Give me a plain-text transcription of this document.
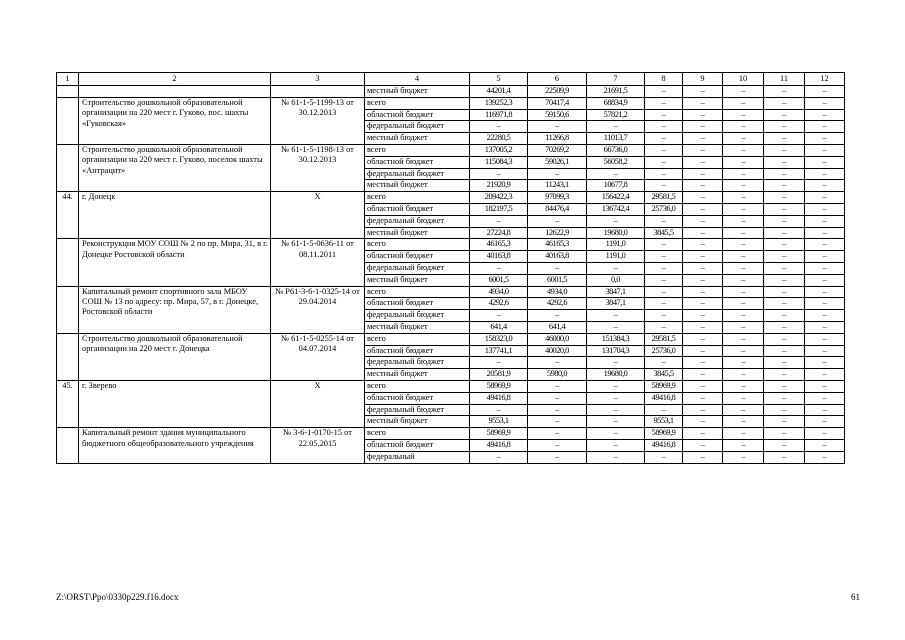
1	2	3	4	5	6	7	8	9	10	11	12
			местный бюджет	44201,4	22509,9	21691,5	–	–	–	–	–
	Строительство дошкольной образовательной организации на 220 мест г. Гуково, пос. шахты «Гуковская»	№ 61-1-5-1199-13 от 30.12.2013	всего	139252,3	70417,4	68834,9	–	–	–	–	–
			областной бюджет	116971,8	59150,6	57821,2	–	–	–	–	–
			федеральный бюджет	–	–	–	–	–	–	–	–
			местный бюджет	22280,5	11266,8	11013,7	–	–	–	–	–
	Строительство дошкольной образовательной организации на 220 мест г. Гуково, поселок шахты «Антрацит»	№ 61-1-5-1198-13 от 30.12.2013	всего	137005,2	70269,2	66736,0	–	–	–	–	–
			областной бюджет	115084,3	59026,1	56058,2	–	–	–	–	–
			федеральный бюджет	–	–	–	–	–	–	–	–
			местный бюджет	21920,9	11243,1	10677,8	–	–	–	–	–
44.	г. Донецк	Х	всего	209422,3	97099,3	156422,4	29581,5	–	–	–	–
			областной бюджет	182197,5	84476,4	136742,4	25736,0	–	–	–	–
			федеральный бюджет	–	–	–	–	–	–	–	–
			местный бюджет	27224,8	12622,9	19680,0	3845,5	–	–	–	–
	Реконструкция МОУ СОШ № 2 по пр. Мира, 31, в г. Донецке Ростовской области	№ 61-1-5-0636-11 от 08.11.2011	всего	46165,3	46165,3	1191,0	–	–	–	–	–
			областной бюджет	40163,8	40163,8	1191,0	–	–	–	–	–
			федеральный бюджет	–	–	–	–	–	–	–	–
			местный бюджет	6001,5	6001,5	0,0	–	–	–	–	–
	Капитальный ремонт спортивного зала МБОУ СОШ № 13 по адресу: пр. Мира, 57, в г. Донецке, Ростовской области	№ Р61-3-6-1-0325-14 от 29.04.2014	всего	4934,0	4934,0	3847,1	–	–	–	–	–
			областной бюджет	4292,6	4292,6	3847,1	–	–	–	–	–
			федеральный бюджет	–	–	–	–	–	–	–	–
			местный бюджет	641,4	641,4	–	–	–	–	–	–
	Строительство дошкольной образовательной организации на 220 мест г. Донецка	№ 61-1-5-0255-14 от 04.07.2014	всего	158323,0	46000,0	151384,3	29581,5	–	–	–	–
			областной бюджет	137741,1	40020,0	131704,3	25736,0	–	–	–	–
			федеральный бюджет	–	–	–	–	–	–	–	–
			местный бюджет	20581,9	5980,0	19680,0	3845,5	–	–	–	–
45.	г. Зверево	Х	всего	58969,9	–	–	58969,9	–	–	–	–
			областной бюджет	49416,8	–	–	49416,8	–	–	–	–
			федеральный бюджет	–	–	–	–	–	–	–	–
			местный бюджет	9553,1	–	–	9553,1	–	–	–	–
	Капитальный ремонт здания муниципального бюджетного общеобразовательного учреждения	№ 3-6-1-0170-15 от 22.05.2015	всего	58969,9	–	–	58969,9	–	–	–	–
			областной бюджет	49416,8	–	–	49416,8	–	–	–	–
			федеральный	–	–	–	–	–	–	–	–
Z:\ORST\Ppo\0330p229.f16.docx	61
